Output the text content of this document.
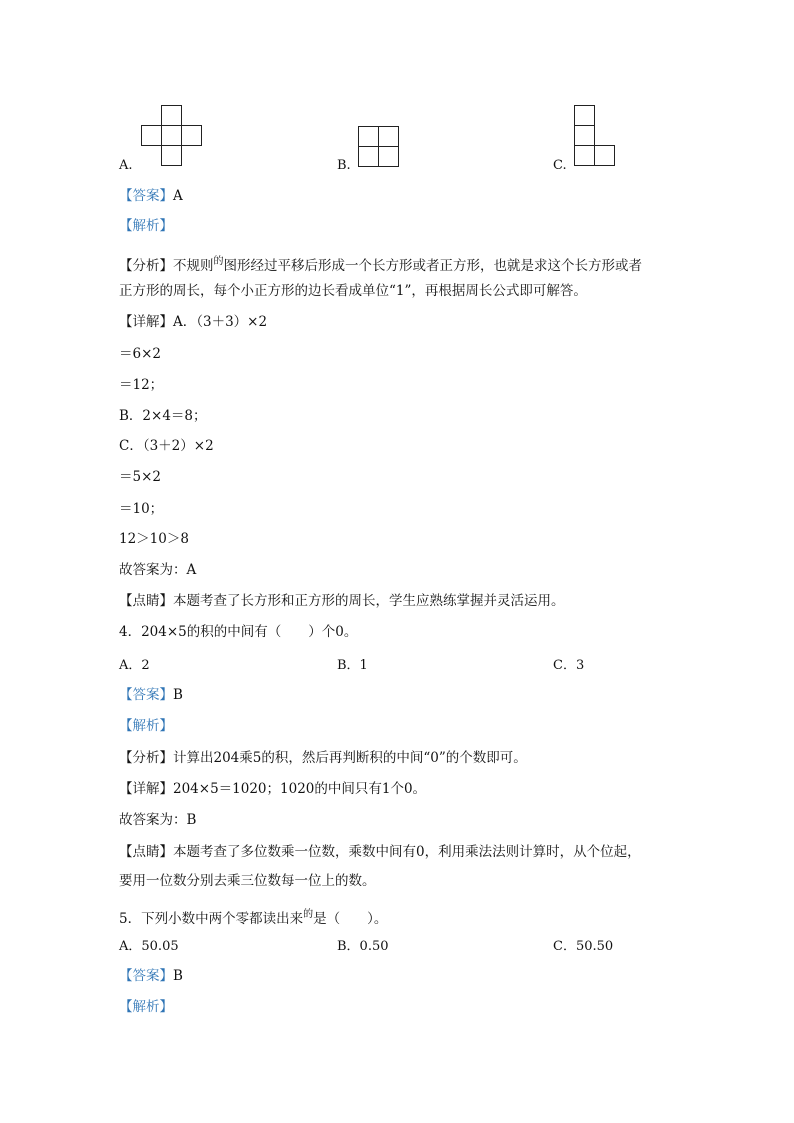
A.	B.	C.
【答案】A
【解析】
【分析】不规则$^的$图形经过平移后形成一个长方形或者正方形，也就是求这个长方形或者
正方形的周长，每个小正方形的边长看成单位“1”，再根据周长公式即可解答。
【详解】A．（3＋3）×2
＝6×2
＝12；
B．2×4＝8；
C．（3＋2）×2
＝5×2
＝10；
12＞10＞8
故答案为：A
【点睛】本题考查了长方形和正方形的周长，学生应熟练掌握并灵活运用。
4．204×5的积的中间有（　　）个0。
A．2	B．1	C．3
【答案】B
【解析】
【分析】计算出204乘5的积，然后再判断积的中间“0”的个数即可。
【详解】204×5＝1020；1020的中间只有1个0。
故答案为：B
【点睛】本题考查了多位数乘一位数，乘数中间有0，利用乘法法则计算时，从个位起，
要用一位数分别去乘三位数每一位上的数。
5．下列小数中两个零都读出来$^的$是（　　）。
A．50.05	B．0.50	C．50.50
【答案】B
【解析】
